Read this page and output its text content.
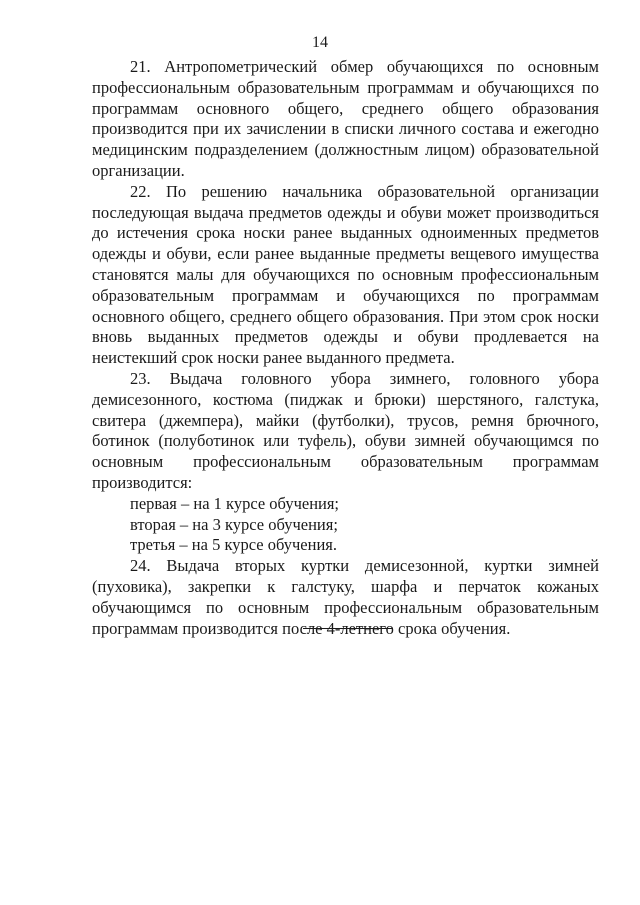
14

21. Антропометрический обмер обучающихся по основным профессиональным образовательным программам и обучающихся по программам основного общего, среднего общего образования производится при их зачислении в списки личного состава и ежегодно медицинским подразделением (должностным лицом) образовательной организации.

22. По решению начальника образовательной организации последующая выдача предметов одежды и обуви может производиться до истечения срока носки ранее выданных одноименных предметов одежды и обуви, если ранее выданные предметы вещевого имущества становятся малы для обучающихся по основным профессиональным образовательным программам и обучающихся по программам основного общего, среднего общего образования. При этом срок носки вновь выданных предметов одежды и обуви продлевается на неистекший срок носки ранее выданного предмета.

23. Выдача головного убора зимнего, головного убора демисезонного, костюма (пиджак и брюки) шерстяного, галстука, свитера (джемпера), майки (футболки), трусов, ремня брючного, ботинок (полуботинок или туфель), обуви зимней обучающимся по основным профессиональным образовательным программам производится:

первая – на 1 курсе обучения;

вторая – на 3 курсе обучения;

третья – на 5 курсе обучения.

24. Выдача вторых куртки демисезонной, куртки зимней (пуховика), закрепки к галстуку, шарфа и перчаток кожаных обучающимся по основным профессиональным образовательным программам производится после 4-летнего срока обучения.
